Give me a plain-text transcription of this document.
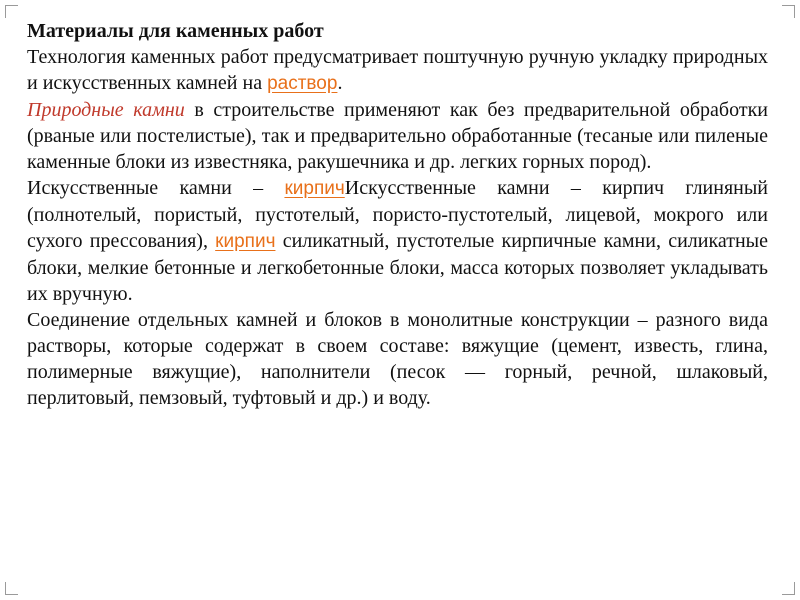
Материалы для каменных работ

Технология каменных работ предусматривает поштучную ручную укладку природных и искусственных камней на раствор.

Природные камни в строительстве применяют как без предварительной обработки (рваные или постелистые), так и предварительно обработанные (тесаные или пиленые каменные блоки из известняка, ракушечника и др. легких горных пород).

Искусственные камни – кирпичИскусственные камни – кирпич глиняный (полнотелый, пористый, пустотелый, пористо-пустотелый, лицевой, мокрого или сухого прессования), кирпич силикатный, пустотелые кирпичные камни, силикатные блоки, мелкие бетонные и легкобетонные блоки, масса которых позволяет укладывать их вручную.

Соединение отдельных камней и блоков в монолитные конструкции – разного вида растворы, которые содержат в своем составе: вяжущие (цемент, известь, глина, полимерные вяжущие), наполнители (песок — горный, речной, шлаковый, перлитовый, пемзовый, туфтовый и др.) и воду.
